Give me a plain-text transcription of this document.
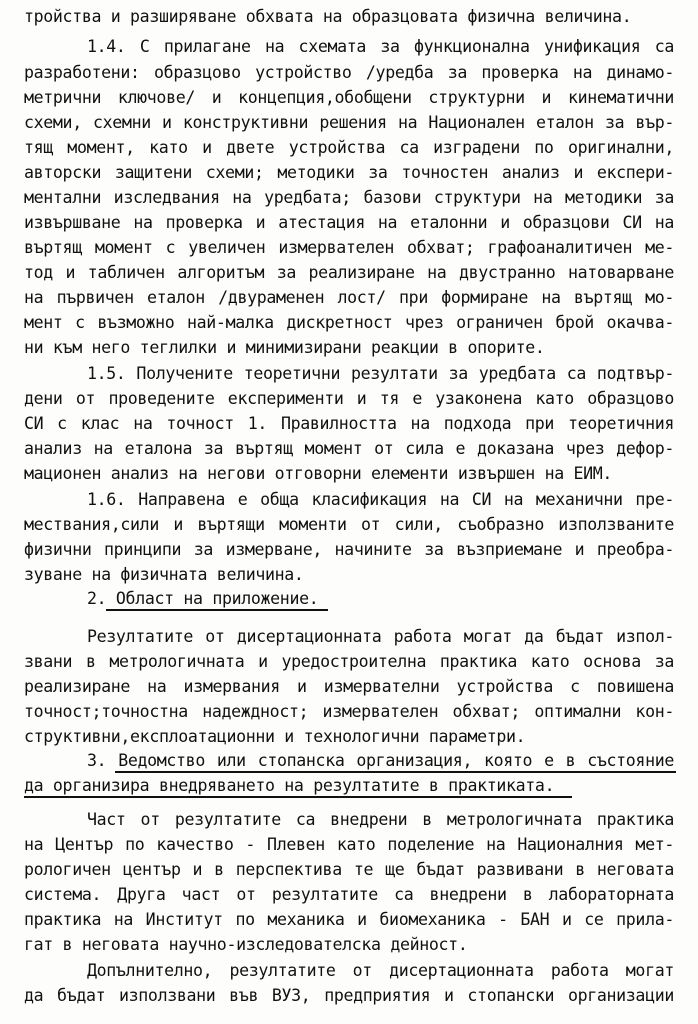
тройства и разширяване обхвата на образцовата физична величина.
1.4. С прилагане на схемата за функционална унификация са
разработени: образцово устройство /уредба за проверка на динамо-
метрични ключове/ и концепция,обобщени структурни и кинематични
схеми, схемни и конструктивни решения на Национален еталон за вър-
тящ момент, като и двете устройства са изградени по оригинални,
авторски защитени схеми; методики за точностен анализ и експери-
ментални изследвания на уредбата; базови структури на методики за
извършване на проверка и атестация на еталонни и образцови СИ на
въртящ момент с увеличен измервателен обхват; графоаналитичен ме-
тод и табличен алгоритъм за реализиране на двустранно натоварване
на първичен еталон /двураменен лост/ при формиране на въртящ мо-
мент с възможно най-малка дискретност чрез ограничен брой окачва-
ни към него теглилки и минимизирани реакции в опорите.
1.5. Получените теоретични резултати за уредбата са подтвър-
дени от проведените експерименти и тя е узаконена като образцово
СИ с клас на точност 1. Правилността на подхода при теоретичния
анализ на еталона за въртящ момент от сила е доказана чрез дефор-
мационен анализ на негови отговорни елементи извършен на ЕИМ.
1.6. Направена е обща класификация на СИ на механични пре-
мествания,сили и въртящи моменти от сили, съобразно използваните
физични принципи за измерване, начините за възприемане и преобра-
зуване на физичната величина.
2. Област на приложение.
Резултатите от дисертационната работа могат да бъдат изпол-
звани в метрологичната и уредостроителна практика като основа за
реализиране на измервания и измервателни устройства с повишена
точност;точностна надеждност; измервателен обхват; оптимални кон-
структивни,експлоатационни и технологични параметри.
3. Ведомство или стопанска организация, която е в състояние
да организира внедряването на резултатите в практиката.
Част от резултатите са внедрени в метрологичната практика
на Център по качество - Плевен като поделение на Националния мет-
рологичен център и в перспектива те ще бъдат развивани в неговата
система. Друга част от резултатите са внедрени в лабораторната
практика на Институт по механика и биомеханика - БАН и се прила-
гат в неговата научно-изследователска дейност.
Допълнително, резултатите от дисертационната работа могат
да бъдат използвани във ВУЗ, предприятия и стопански организации
